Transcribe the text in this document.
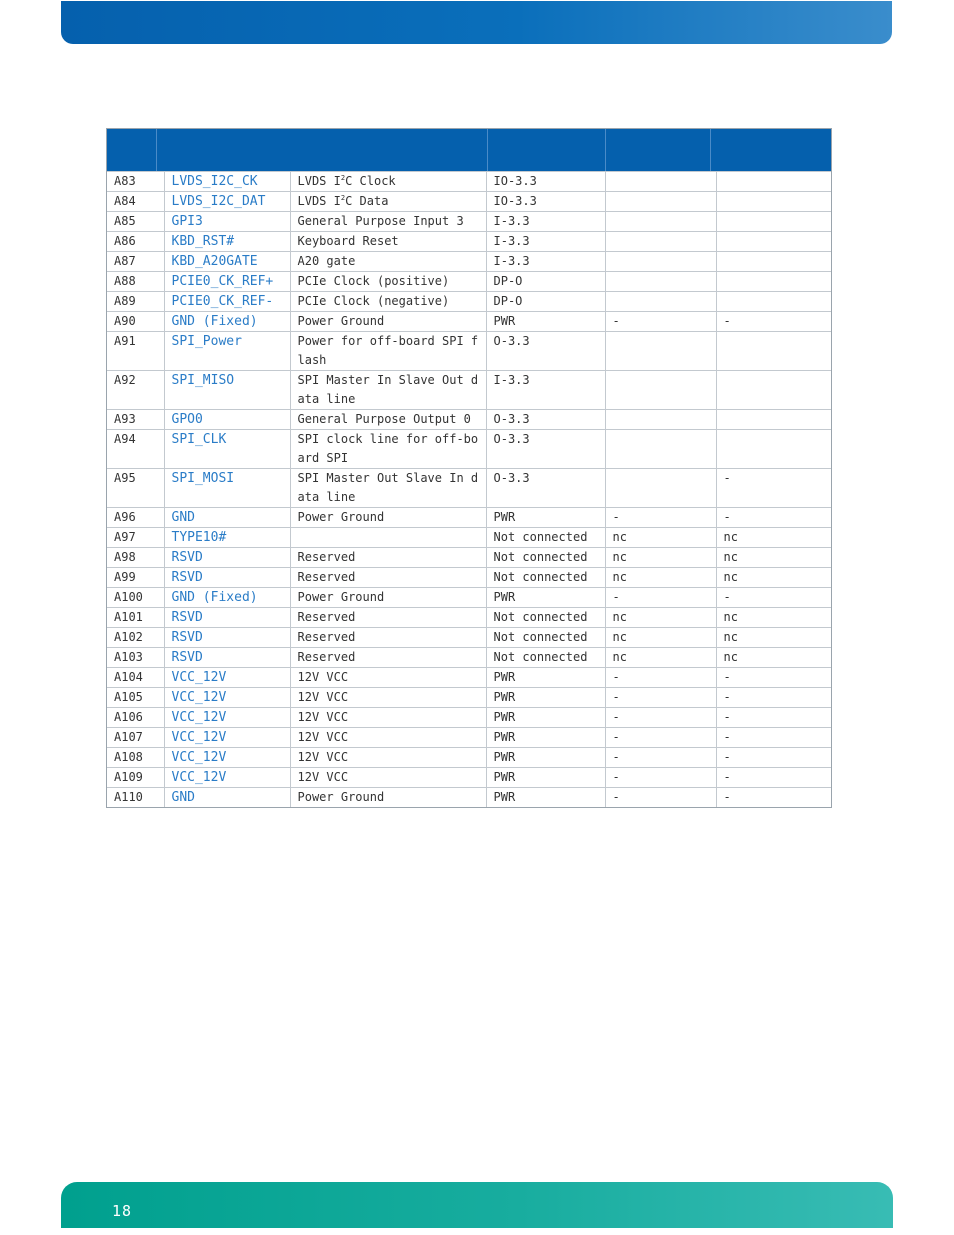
A83	LVDS_I2C_CK	LVDS $I^2C$ Clock	IO-3.3		
A84	LVDS_I2C_DAT	LVDS $I^2C$ Data	IO-3.3		
A85	GPI3	General Purpose Input 3	I-3.3		
A86	KBD_RST#	Keyboard Reset	I-3.3		
A87	KBD_A20GATE	A20 gate	I-3.3		
A88	PCIE0_CK_REF+	PCIe Clock (positive)	DP-O		
A89	PCIE0_CK_REF-	PCIe Clock (negative)	DP-O		
A90	GND (Fixed)	Power Ground	PWR	-	-
A91	SPI_Power	Power for off-board SPI flash	O-3.3		
A92	SPI_MISO	SPI Master In Slave Out data line	I-3.3		
A93	GPO0	General Purpose Output 0	O-3.3		
A94	SPI_CLK	SPI clock line for off-board SPI	O-3.3		
A95	SPI_MOSI	SPI Master Out Slave In data line	O-3.3		-
A96	GND	Power Ground	PWR	-	-
A97	TYPE10#		Not connected	nc	nc
A98	RSVD	Reserved	Not connected	nc	nc
A99	RSVD	Reserved	Not connected	nc	nc
A100	GND (Fixed)	Power Ground	PWR	-	-
A101	RSVD	Reserved	Not connected	nc	nc
A102	RSVD	Reserved	Not connected	nc	nc
A103	RSVD	Reserved	Not connected	nc	nc
A104	VCC_12V	12V VCC	PWR	-	-
A105	VCC_12V	12V VCC	PWR	-	-
A106	VCC_12V	12V VCC	PWR	-	-
A107	VCC_12V	12V VCC	PWR	-	-
A108	VCC_12V	12V VCC	PWR	-	-
A109	VCC_12V	12V VCC	PWR	-	-
A110	GND	Power Ground	PWR	-	-
18
